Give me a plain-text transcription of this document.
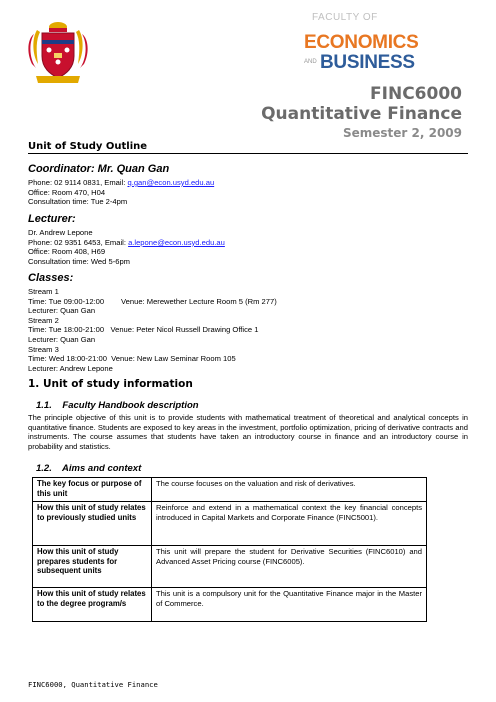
FACULTY OF
ECONOMICS
AND BUSINESS
FINC6000
Quantitative Finance
Semester 2, 2009
Unit of Study Outline
Coordinator: Mr. Quan Gan
Phone: 02 9114 0831, Email: q.gan@econ.usyd.edu.au
Office: Room 470, H04
Consultation time: Tue 2-4pm
Lecturer:
Dr. Andrew Lepone
Phone: 02 9351 6453, Email: a.lepone@econ.usyd.edu.au
Office: Room 408, H69
Consultation time: Wed 5-6pm
Classes:
Stream 1
Time: Tue 09:00-12:00        Venue: Merewether Lecture Room 5 (Rm 277)
Lecturer: Quan Gan
Stream 2
Time: Tue 18:00-21:00   Venue: Peter Nicol Russell Drawing Office 1
Lecturer: Quan Gan
Stream 3
Time: Wed 18:00-21:00  Venue: New Law Seminar Room 105
Lecturer: Andrew Lepone
1. Unit of study information
1.1.    Faculty Handbook description
The principle objective of this unit is to provide students with mathematical treatment of theoretical and analytical concepts in quantitative finance. Students are exposed to key areas in the investment, portfolio optimization, pricing of derivative contracts and instruments. The course assumes that students have taken an introductory course in finance and an introductory course in probability and statistics.
1.2.    Aims and context
The key focus or purpose of this unit	The course focuses on the valuation and risk of derivatives.
How this unit of study relates to previously studied units	Reinforce and extend in a mathematical context the key financial concepts introduced in Capital Markets and Corporate Finance (FINC5001).
How this unit of study prepares students for subsequent units	This unit will prepare the student for Derivative Securities (FINC6010) and Advanced Asset Pricing course (FINC6005).
How this unit of study relates to the degree program/s	This unit is a compulsory unit for the Quantitative Finance major in the Master of Commerce.
FINC6000, Quantitative Finance
